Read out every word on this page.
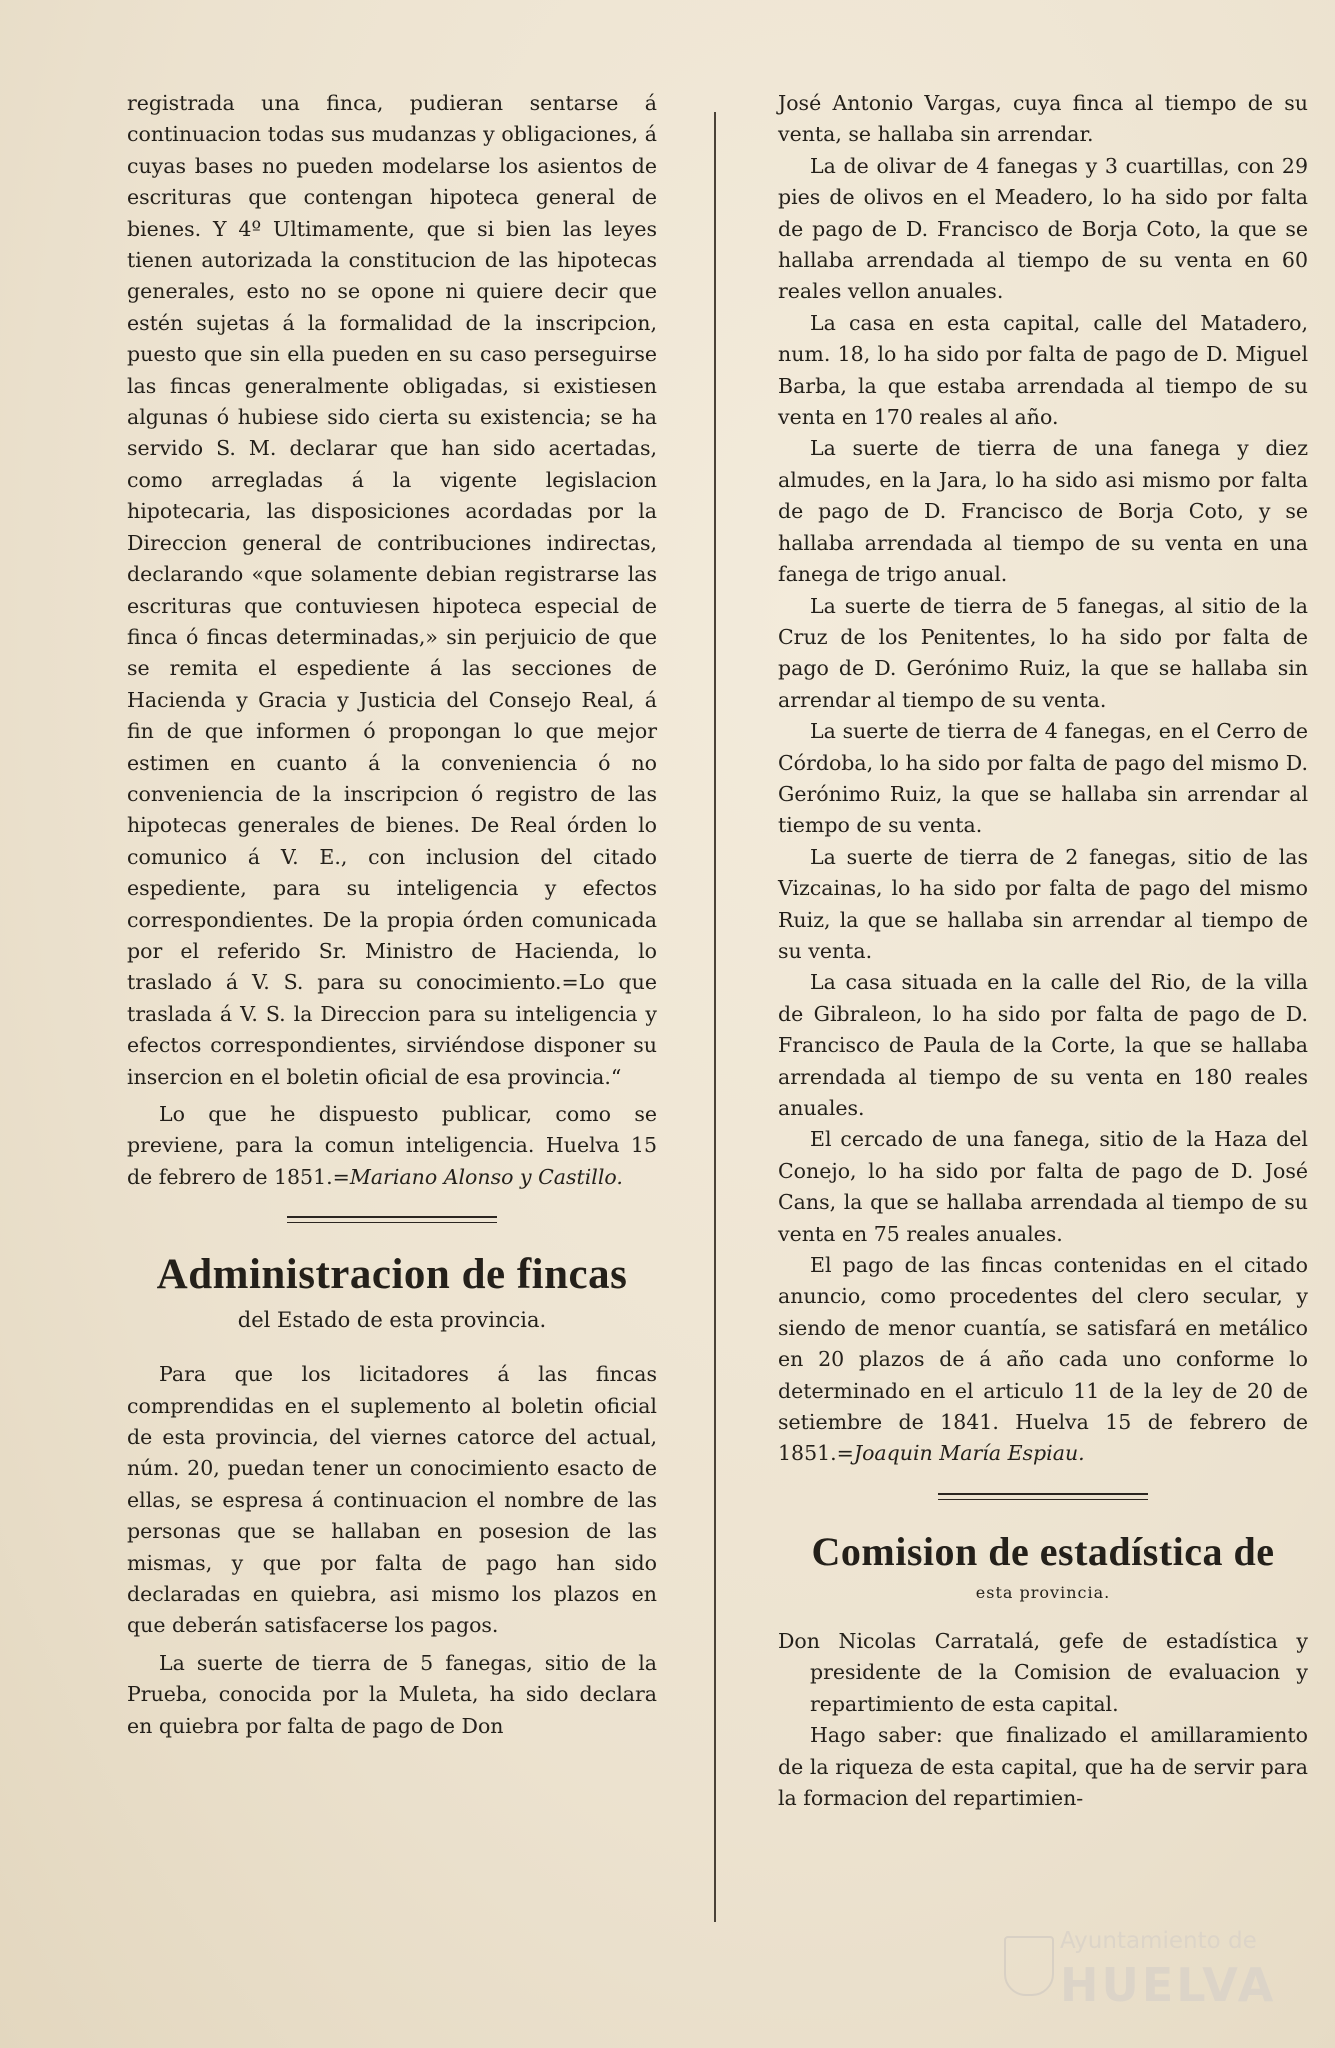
registrada una finca, pudieran sentarse á continuacion todas sus mudanzas y obligaciones, á cuyas bases no pueden modelarse los asientos de escrituras que contengan hipoteca general de bienes. Y 4º Ultimamente, que si bien las leyes tienen autorizada la constitucion de las hipotecas generales, esto no se opone ni quiere decir que estén sujetas á la formalidad de la inscripcion, puesto que sin ella pueden en su caso perseguirse las fincas generalmente obligadas, si existiesen algunas ó hubiese sido cierta su existencia; se ha servido S. M. declarar que han sido acertadas, como arregladas á la vigente legislacion hipotecaria, las disposiciones acordadas por la Direccion general de contribuciones indirectas, declarando «que solamente debian registrarse las escrituras que contuviesen hipoteca especial de finca ó fincas determinadas,» sin perjuicio de que se remita el espediente á las secciones de Hacienda y Gracia y Justicia del Consejo Real, á fin de que informen ó propongan lo que mejor estimen en cuanto á la conveniencia ó no conveniencia de la inscripcion ó registro de las hipotecas generales de bienes. De Real órden lo comunico á V. E., con inclusion del citado espediente, para su inteligencia y efectos correspondientes. De la propia órden comunicada por el referido Sr. Ministro de Hacienda, lo traslado á V. S. para su conocimiento.=Lo que traslada á V. S. la Direccion para su inteligencia y efectos correspondientes, sirviéndose disponer su insercion en el boletin oficial de esa provincia.“

Lo que he dispuesto publicar, como se previene, para la comun inteligencia. Huelva 15 de febrero de 1851.=Mariano Alonso y Castillo.

Administracion de fincas
del Estado de esta provincia.

Para que los licitadores á las fincas comprendidas en el suplemento al boletin oficial de esta provincia, del viernes catorce del actual, núm. 20, puedan tener un conocimiento esacto de ellas, se espresa á continuacion el nombre de las personas que se hallaban en posesion de las mismas, y que por falta de pago han sido declaradas en quiebra, asi mismo los plazos en que deberán satisfacerse los pagos.

La suerte de tierra de 5 fanegas, sitio de la Prueba, conocida por la Muleta, ha sido declara en quiebra por falta de pago de Don

José Antonio Vargas, cuya finca al tiempo de su venta, se hallaba sin arrendar.

La de olivar de 4 fanegas y 3 cuartillas, con 29 pies de olivos en el Meadero, lo ha sido por falta de pago de D. Francisco de Borja Coto, la que se hallaba arrendada al tiempo de su venta en 60 reales vellon anuales.

La casa en esta capital, calle del Matadero, num. 18, lo ha sido por falta de pago de D. Miguel Barba, la que estaba arrendada al tiempo de su venta en 170 reales al año.

La suerte de tierra de una fanega y diez almudes, en la Jara, lo ha sido asi mismo por falta de pago de D. Francisco de Borja Coto, y se hallaba arrendada al tiempo de su venta en una fanega de trigo anual.

La suerte de tierra de 5 fanegas, al sitio de la Cruz de los Penitentes, lo ha sido por falta de pago de D. Gerónimo Ruiz, la que se hallaba sin arrendar al tiempo de su venta.

La suerte de tierra de 4 fanegas, en el Cerro de Córdoba, lo ha sido por falta de pago del mismo D. Gerónimo Ruiz, la que se hallaba sin arrendar al tiempo de su venta.

La suerte de tierra de 2 fanegas, sitio de las Vizcainas, lo ha sido por falta de pago del mismo Ruiz, la que se hallaba sin arrendar al tiempo de su venta.

La casa situada en la calle del Rio, de la villa de Gibraleon, lo ha sido por falta de pago de D. Francisco de Paula de la Corte, la que se hallaba arrendada al tiempo de su venta en 180 reales anuales.

El cercado de una fanega, sitio de la Haza del Conejo, lo ha sido por falta de pago de D. José Cans, la que se hallaba arrendada al tiempo de su venta en 75 reales anuales.

El pago de las fincas contenidas en el citado anuncio, como procedentes del clero secular, y siendo de menor cuantía, se satisfará en metálico en 20 plazos de á año cada uno conforme lo determinado en el articulo 11 de la ley de 20 de setiembre de 1841. Huelva 15 de febrero de 1851.=Joaquin María Espiau.

Comision de estadística de
esta provincia.

Don Nicolas Carratalá, gefe de estadística y presidente de la Comision de evaluacion y repartimiento de esta capital.

Hago saber: que finalizado el amillaramiento de la riqueza de esta capital, que ha de servir para la formacion del repartimien-

Ayuntamiento de
HUELVA
